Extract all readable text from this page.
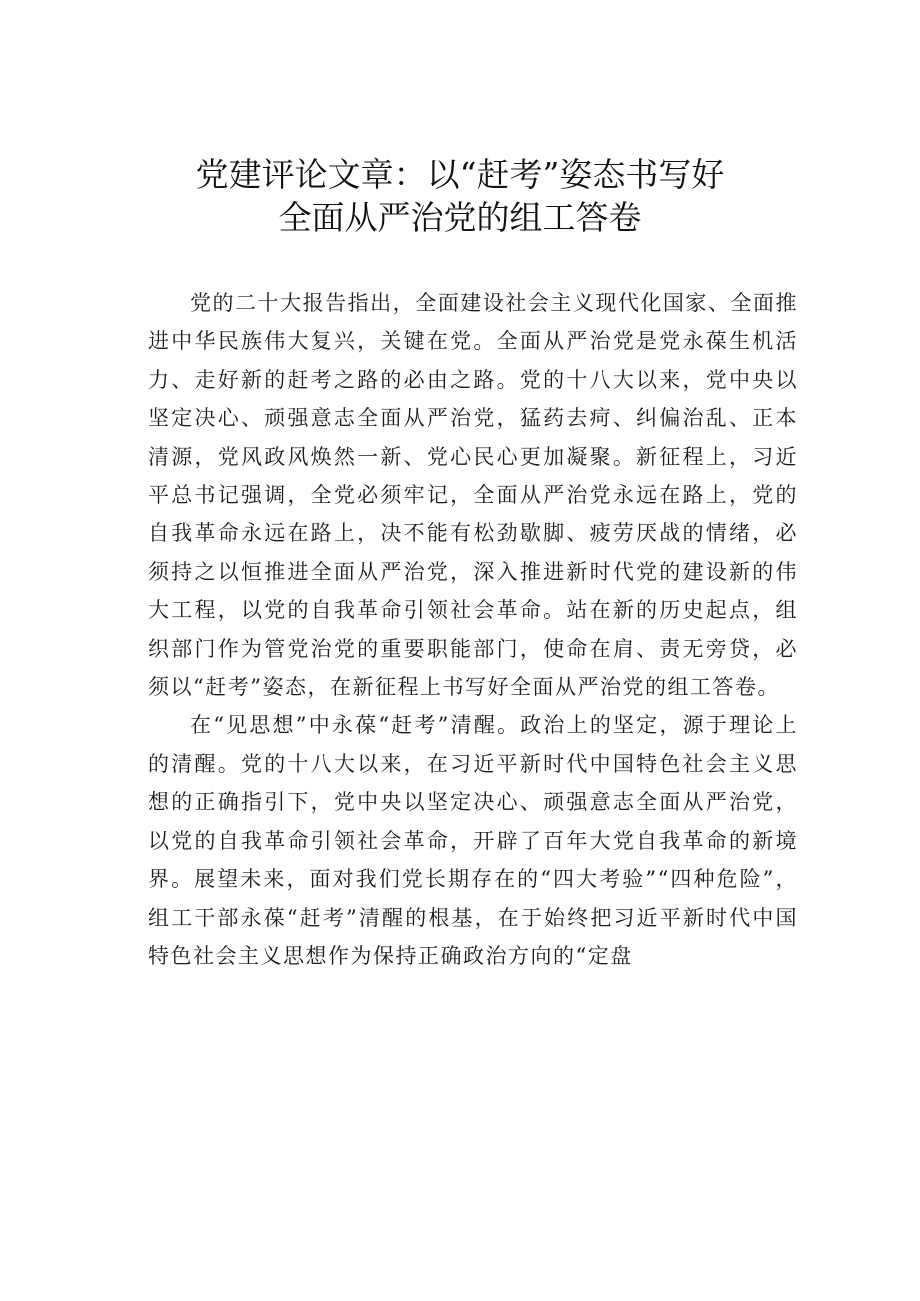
党建评论文章：以“赶考”姿态书写好
全面从严治党的组工答卷

党的二十大报告指出，全面建设社会主义现代化国家、全面推进中华民族伟大复兴，关键在党。全面从严治党是党永葆生机活力、走好新的赶考之路的必由之路。党的十八大以来，党中央以坚定决心、顽强意志全面从严治党，猛药去疴、纠偏治乱、正本清源，党风政风焕然一新、党心民心更加凝聚。新征程上，习近平总书记强调，全党必须牢记，全面从严治党永远在路上，党的自我革命永远在路上，决不能有松劲歇脚、疲劳厌战的情绪，必须持之以恒推进全面从严治党，深入推进新时代党的建设新的伟大工程，以党的自我革命引领社会革命。站在新的历史起点，组织部门作为管党治党的重要职能部门，使命在肩、责无旁贷，必须以“赶考”姿态，在新征程上书写好全面从严治党的组工答卷。

在“见思想”中永葆“赶考”清醒。政治上的坚定，源于理论上的清醒。党的十八大以来，在习近平新时代中国特色社会主义思想的正确指引下，党中央以坚定决心、顽强意志全面从严治党，以党的自我革命引领社会革命，开辟了百年大党自我革命的新境界。展望未来，面对我们党长期存在的“四大考验”“四种危险”，组工干部永葆“赶考”清醒的根基，在于始终把习近平新时代中国特色社会主义思想作为保持正确政治方向的“定盘
